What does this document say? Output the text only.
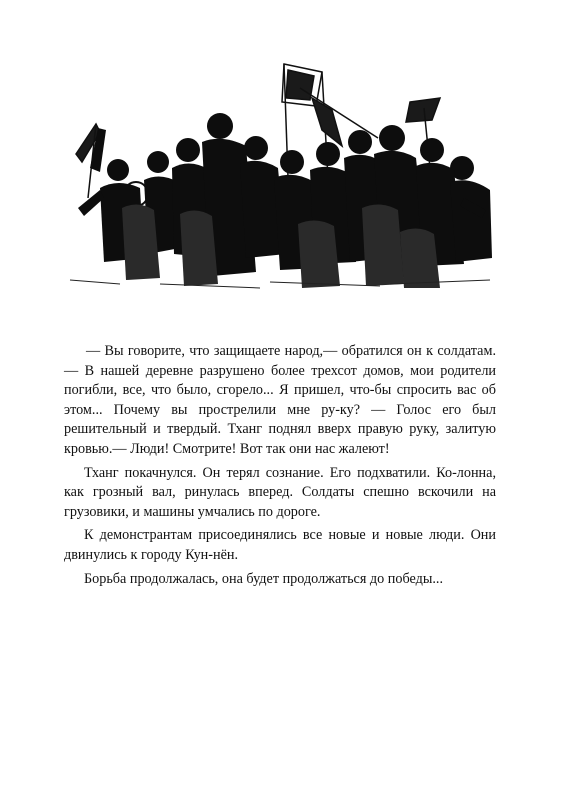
— Вы говорите, что защищаете народ,— обратился он к солдатам.— В нашей деревне разрушено более трехсот домов, мои родители погибли, все, что было, сгорело... Я пришел, что-бы спросить вас об этом... Почему вы прострелили мне ру-ку? — Голос его был решительный и твердый. Тханг поднял вверх правую руку, залитую кровью.— Люди! Смотрите! Вот так они нас жалеют!

Тханг покачнулся. Он терял сознание. Его подхватили. Ко-лонна, как грозный вал, ринулась вперед. Солдаты спешно вскочили на грузовики, и машины умчались по дороге.

К демонстрантам присоединялись все новые и новые люди. Они двинулись к городу Кун-нён.

Борьба продолжалась, она будет продолжаться до победы...
